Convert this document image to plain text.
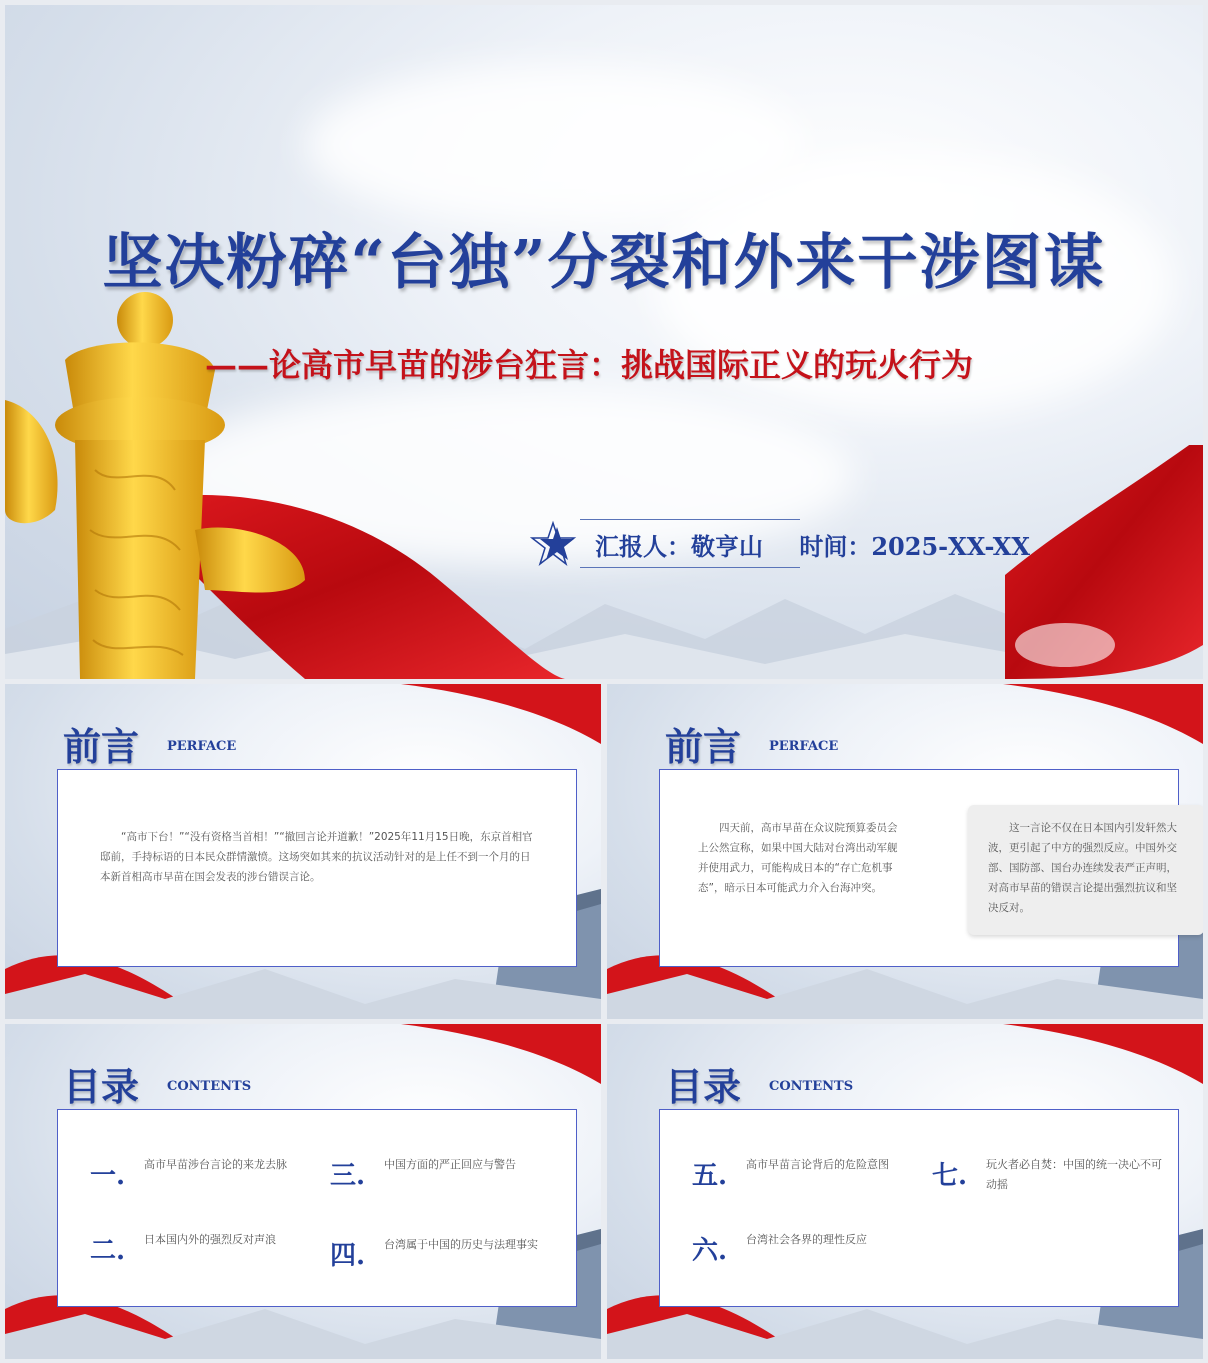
坚决粉碎“台独”分裂和外来干涉图谋
——论高市早苗的涉台狂言：挑战国际正义的玩火行为
汇报人：敬亨山 时间：2025-XX-XX
前言 PERFACE
“高市下台！”“没有资格当首相！”“撤回言论并道歉！”2025年11月15日晚，东京首相官邸前，手持标语的日本民众群情激愤。这场突如其来的抗议活动针对的是上任不到一个月的日本新首相高市早苗在国会发表的涉台错误言论。
前言 PERFACE
四天前，高市早苗在众议院预算委员会上公然宣称，如果中国大陆对台湾出动军舰并使用武力，可能构成日本的“存亡危机事态”，暗示日本可能武力介入台海冲突。
这一言论不仅在日本国内引发轩然大波，更引起了中方的强烈反应。中国外交部、国防部、国台办连续发表严正声明，对高市早苗的错误言论提出强烈抗议和坚决反对。
目录 CONTENTS
一. 高市早苗涉台言论的来龙去脉
二. 日本国内外的强烈反对声浪
三. 中国方面的严正回应与警告
四. 台湾属于中国的历史与法理事实
目录 CONTENTS
五. 高市早苗言论背后的危险意图
六. 台湾社会各界的理性反应
七. 玩火者必自焚：中国的统一决心不可动摇
